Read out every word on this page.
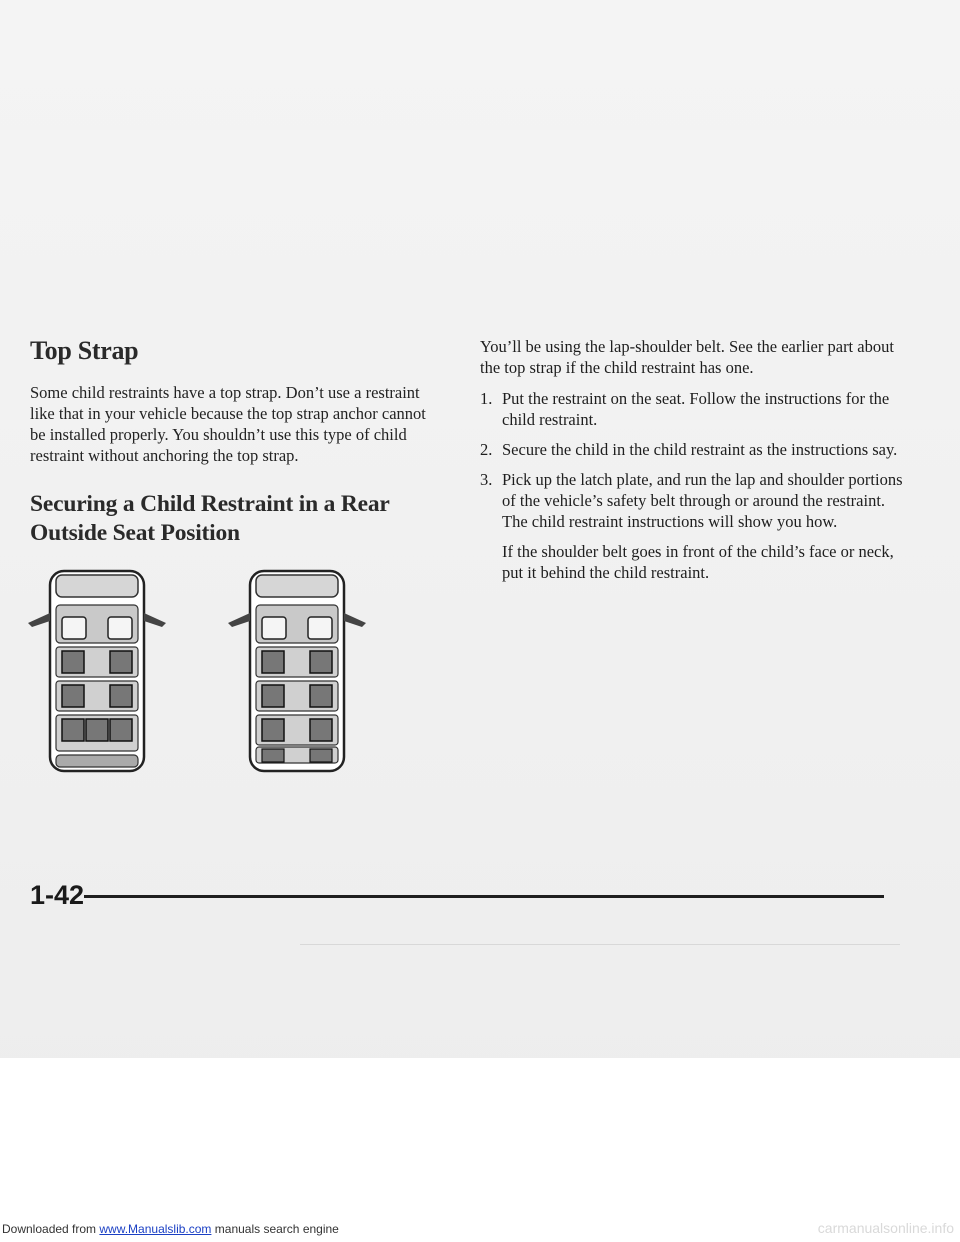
Top Strap

Some child restraints have a top strap. Don’t use a restraint like that in your vehicle because the top strap anchor cannot be installed properly. You shouldn’t use this type of child restraint without anchoring the top strap.

Securing a Child Restraint in a Rear
Outside Seat Position

You’ll be using the lap-shoulder belt. See the earlier part about the top strap if the child restraint has one.

1. Put the restraint on the seat. Follow the instructions for the child restraint.
2. Secure the child in the child restraint as the instructions say.
3. Pick up the latch plate, and run the lap and shoulder portions of the vehicle’s safety belt through or around the restraint. The child restraint instructions will show you how.

If the shoulder belt goes in front of the child’s face or neck, put it behind the child restraint.

1-42
Downloaded from www.Manualslib.com manuals search engine	carmanualsonline.info
